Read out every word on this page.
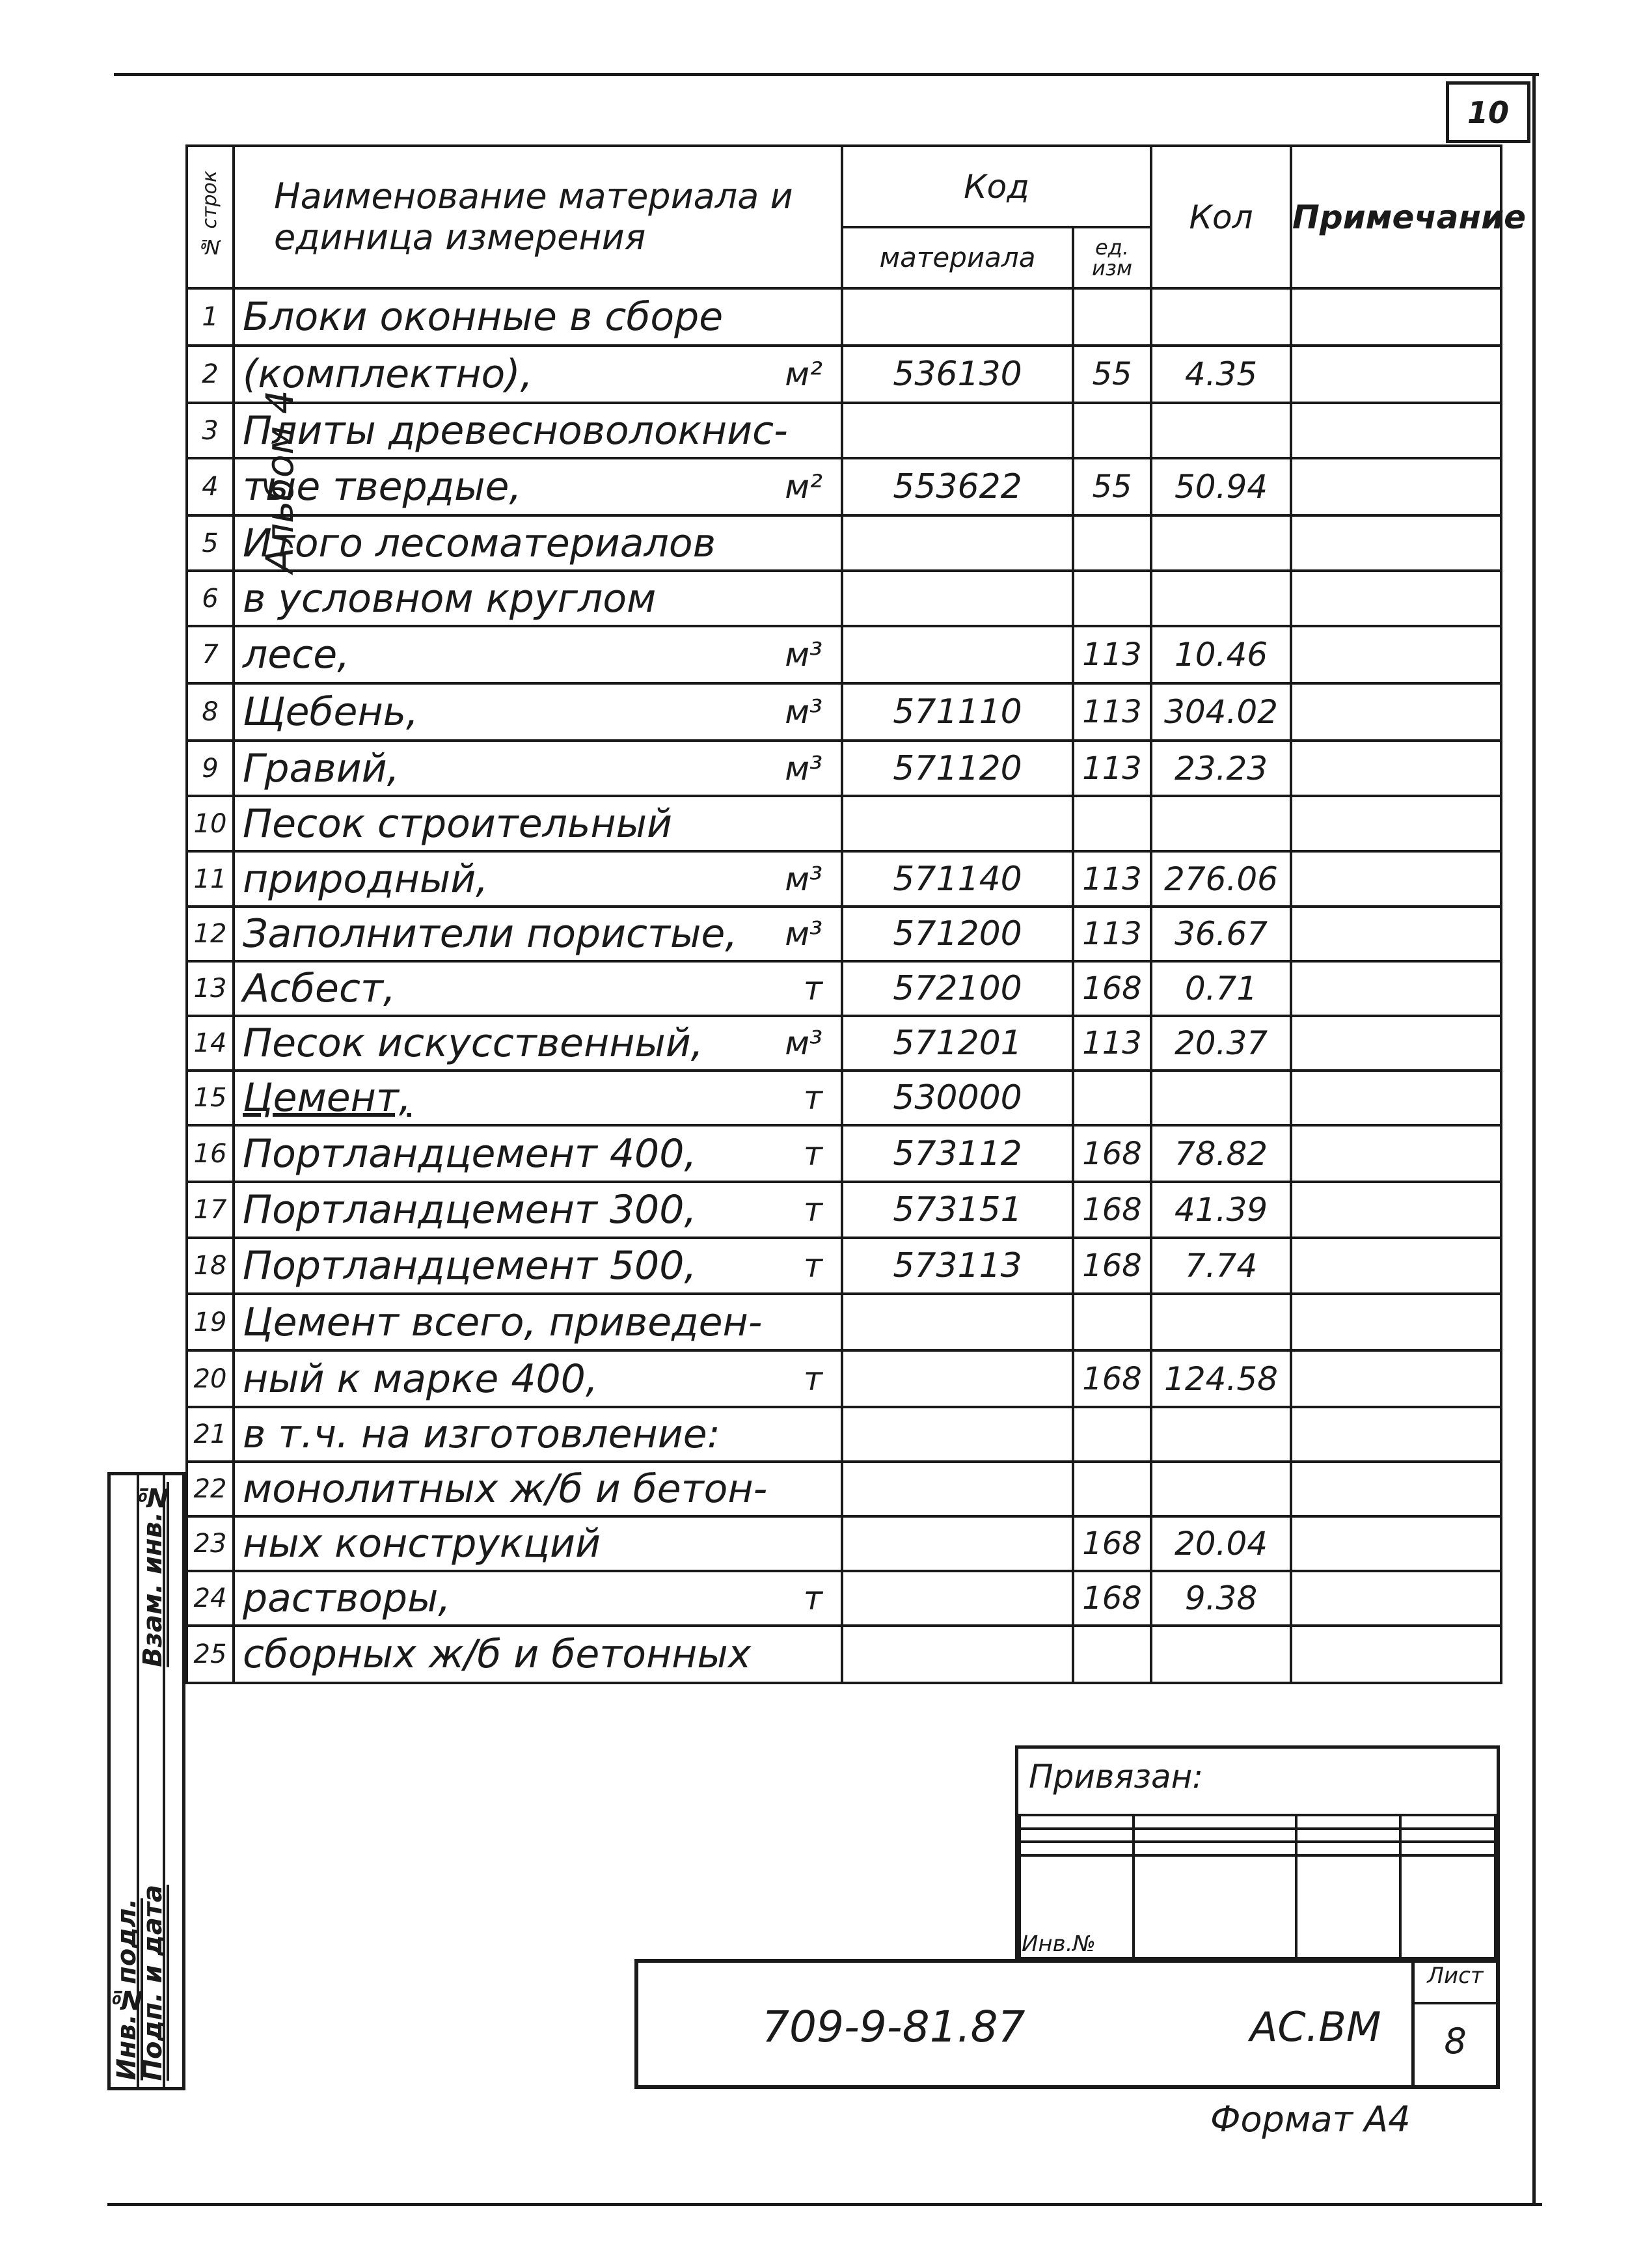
10
Альбом 4
№ строк	Наименование материала и единица измерения	Код		Кол	Примечание
		материала	ед. изм		
1	Блоки оконные в сборе

2	(комплектно), м²	536130	55	4.35	
3	Плиты древесноволокнис-

4	тые твердые, м²	553622	55	50.94	
5	Итого лесоматериалов

6	в условном круглом

7	лесе, м³		113	10.46	
8	Щебень, м³	571110	113	304.02	
9	Гравий, м³	571120	113	23.23	
10	Песок строительный

11	природный, м³	571140	113	276.06	
12	Заполнители пористые, м³	571200	113	36.67	
13	Асбест, т	572100	168	0.71	
14	Песок искусственный, м³	571201	113	20.37	
15	Цемент, т	530000			
16	Портландцемент 400, т	573112	168	78.82	
17	Портландцемент 300, т	573151	168	41.39	
18	Портландцемент 500, т	573113	168	7.74	
19	Цемент всего, приведен-

20	ный к марке 400, т		168	124.58	
21	в т.ч. на изготовление:

22	монолитных ж/б и бетон-

23	ных конструкций		168	20.04	
24	растворы, т		168	9.38	
25	сборных ж/б и бетонных

Инв.№подл.
Подп. и дата
Взам. инв.№
Привязан:

Инв.№			
709-9-81.87	АС.ВМ
Лист
8
Формат А4
